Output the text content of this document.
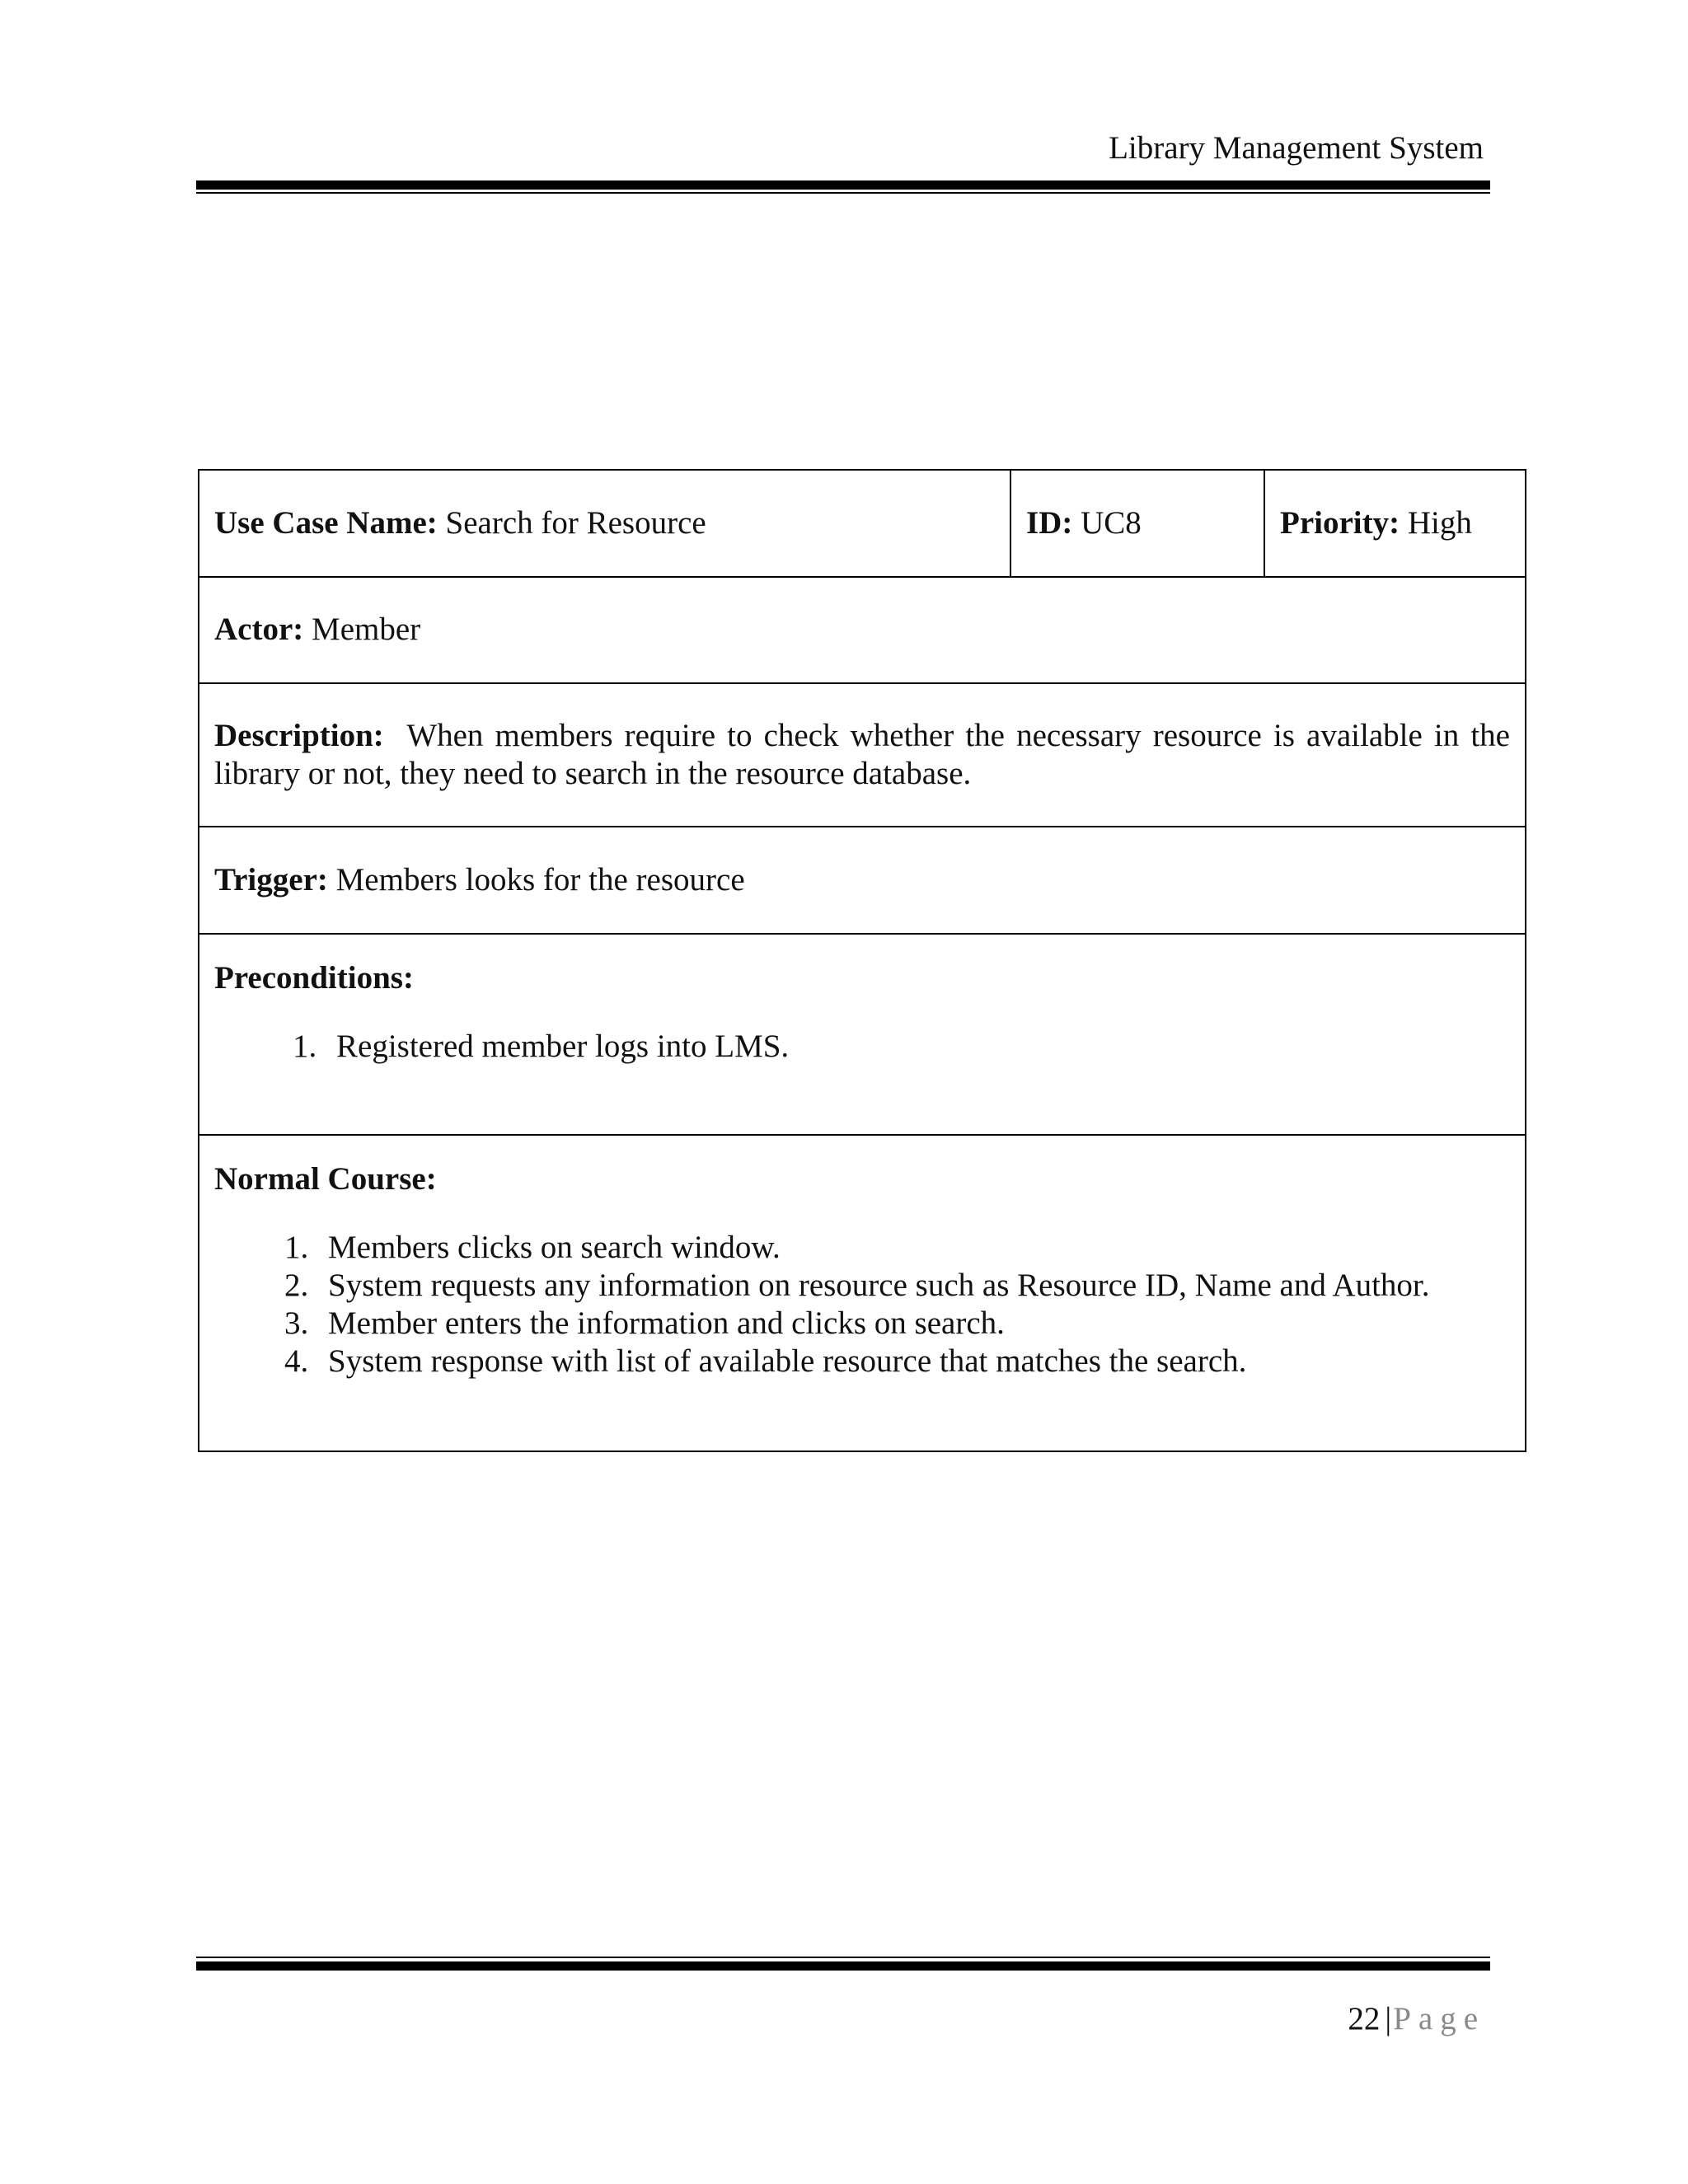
Library Management System
Use Case Name: Search for Resource	ID: UC8	Priority: High
Actor: Member
Description:  When members require to check whether the necessary resource is available in the library or not, they need to search in the resource database.
Trigger: Members looks for the resource

Preconditions:
1. Registered member logs into LMS.

Normal Course:
1. Members clicks on search window.
2. System requests any information on resource such as Resource ID, Name and Author.
3. Member enters the information and clicks on search.
4. System response with list of available resource that matches the search.
22 |Page
